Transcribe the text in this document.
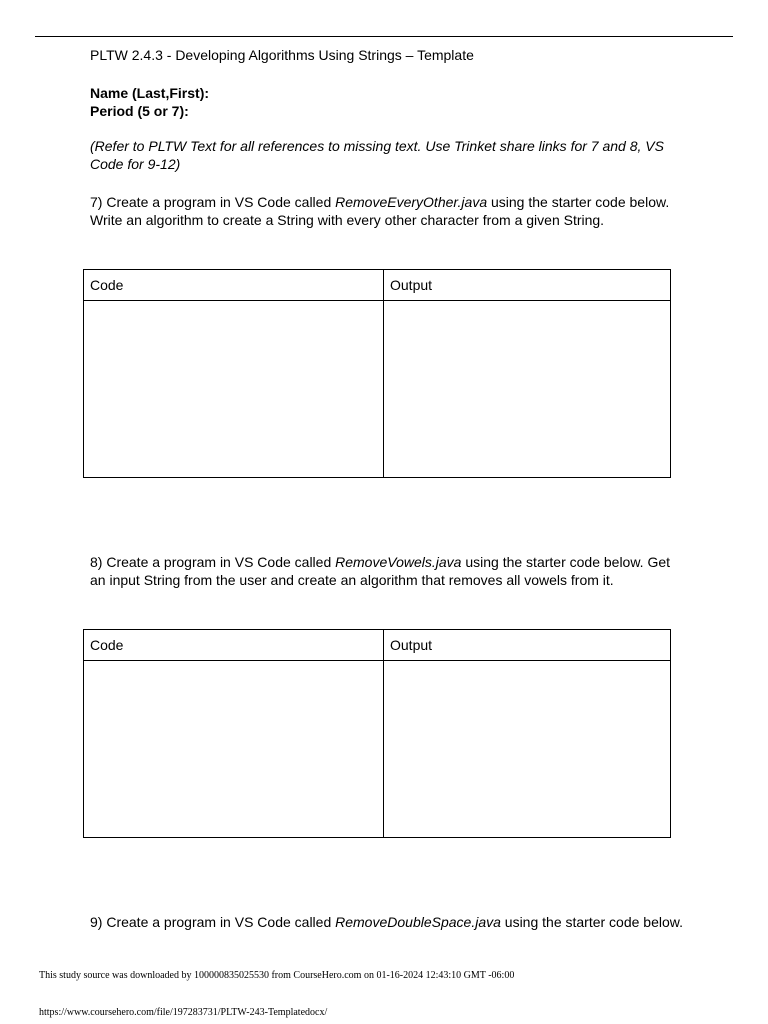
PLTW 2.4.3 - Developing Algorithms Using Strings – Template

Name (Last,First):

Period (5 or 7):

(Refer to PLTW Text for all references to missing text. Use Trinket share links for 7 and 8, VS Code for 9-12)

7) Create a program in VS Code called RemoveEveryOther.java using the starter code below. Write an algorithm to create a String with every other character from a given String.

Code	Output

8) Create a program in VS Code called RemoveVowels.java using the starter code below. Get an input String from the user and create an algorithm that removes all vowels from it.

Code	Output

9) Create a program in VS Code called RemoveDoubleSpace.java using the starter code below.

This study source was downloaded by 100000835025530 from CourseHero.com on 01-16-2024 12:43:10 GMT -06:00

https://www.coursehero.com/file/197283731/PLTW-243-Templatedocx/
